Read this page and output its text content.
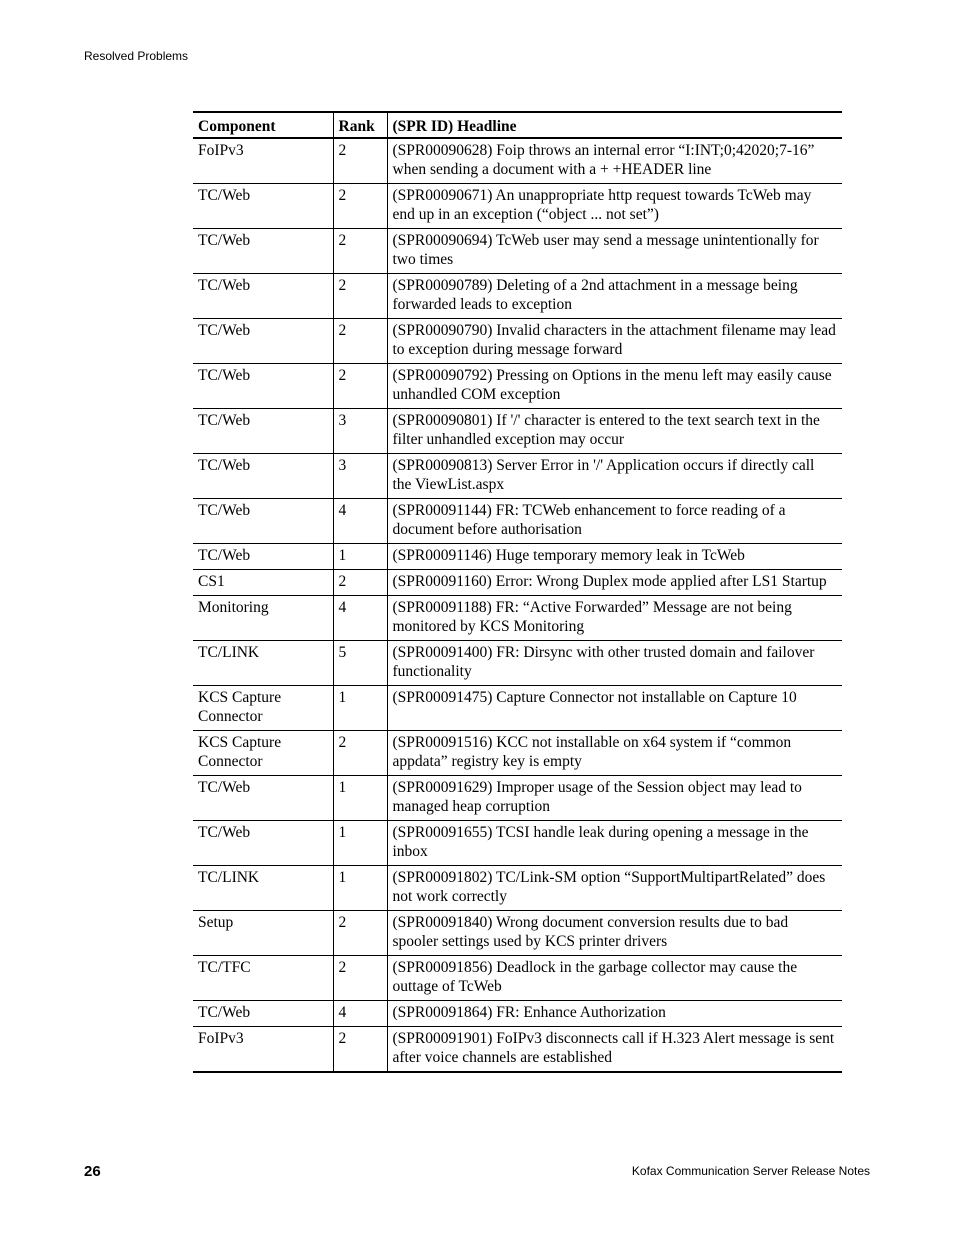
Resolved Problems
Component	Rank	(SPR ID) Headline
FoIPv3	2	(SPR00090628) Foip throws an internal error “I:INT;0;42020;7-16” when sending a document with a + +HEADER line
TC/Web	2	(SPR00090671) An unappropriate http request towards TcWeb may end up in an exception (“object ... not set”)
TC/Web	2	(SPR00090694) TcWeb user may send a message unintentionally for two times
TC/Web	2	(SPR00090789) Deleting of a 2nd attachment in a message being forwarded leads to exception
TC/Web	2	(SPR00090790) Invalid characters in the attachment filename may lead to exception during message forward
TC/Web	2	(SPR00090792) Pressing on Options in the menu left may easily cause unhandled COM exception
TC/Web	3	(SPR00090801) If '/' character is entered to the text search text in the filter unhandled exception may occur
TC/Web	3	(SPR00090813) Server Error in '/' Application occurs if directly call the ViewList.aspx
TC/Web	4	(SPR00091144) FR: TCWeb enhancement to force reading of a document before authorisation
TC/Web	1	(SPR00091146) Huge temporary memory leak in TcWeb
CS1	2	(SPR00091160) Error: Wrong Duplex mode applied after LS1 Startup
Monitoring	4	(SPR00091188) FR: “Active Forwarded” Message are not being monitored by KCS Monitoring
TC/LINK	5	(SPR00091400) FR: Dirsync with other trusted domain and failover functionality
KCS Capture Connector	1	(SPR00091475) Capture Connector not installable on Capture 10
KCS Capture Connector	2	(SPR00091516) KCC not installable on x64 system if “common appdata” registry key is empty
TC/Web	1	(SPR00091629) Improper usage of the Session object may lead to managed heap corruption
TC/Web	1	(SPR00091655) TCSI handle leak during opening a message in the inbox
TC/LINK	1	(SPR00091802) TC/Link-SM option “SupportMultipartRelated” does not work correctly
Setup	2	(SPR00091840) Wrong document conversion results due to bad spooler settings used by KCS printer drivers
TC/TFC	2	(SPR00091856) Deadlock in the garbage collector may cause the outtage of TcWeb
TC/Web	4	(SPR00091864) FR: Enhance Authorization
FoIPv3	2	(SPR00091901) FoIPv3 disconnects call if H.323 Alert message is sent after voice channels are established
26	Kofax Communication Server Release Notes
